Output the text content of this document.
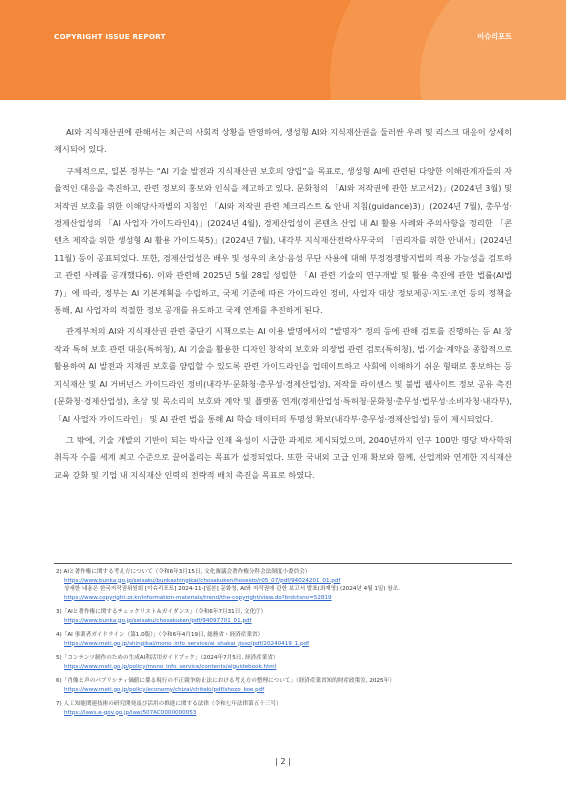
COPYRIGHT ISSUE REPORT	이슈리포트

AI와 지식재산권에 관해서는 최근의 사회적 상황을 반영하여, 생성형 AI와 지식재산권을 둘러싼 우려 및 리스크 대응이 상세히 제시되어 있다.

구체적으로, 일본 정부는 “AI 기술 발전과 지식재산권 보호의 양립”을 목표로, 생성형 AI에 관련된 다양한 이해관계자들의 자율적인 대응을 촉진하고, 관련 정보의 홍보와 인식을 제고하고 있다. 문화청의 「AI와 저작권에 관한 보고서2)」(2024년 3월) 및 저작권 보호를 위한 이해당사자별의 지침인 「AI와 저작권 관련 체크리스트 & 안내 지침(guidance)3)」(2024년 7월), 총무성·경제산업성의 「AI 사업자 가이드라인4)」(2024년 4월), 경제산업성이 콘텐츠 산업 내 AI 활용 사례와 주의사항을 정리한 「콘텐츠 제작을 위한 생성형 AI 활용 가이드북5)」(2024년 7월), 내각부 지식재산전략사무국의 「권리자를 위한 안내서」(2024년 11월) 등이 공표되었다. 또한, 경제산업성은 배우 및 성우의 초상·음성 무단 사용에 대해 부정경쟁방지법의 적용 가능성을 검토하고 관련 사례를 공개했다6). 이와 관련해 2025년 5월 28일 성립한 「AI 관련 기술의 연구개발 및 활용 촉진에 관한 법률(AI법7)」에 따라, 정부는 AI 기본계획을 수립하고, 국제 기준에 따른 가이드라인 정비, 사업자 대상 정보제공·지도·조언 등의 정책을 통해, AI 사업자의 적절한 정보 공개를 유도하고 국제 연계를 추진하게 된다.

관계부처의 AI와 지식재산권 관련 중단기 시책으로는 AI 이용 발명에서의 “발명자” 정의 등에 관해 검토를 진행하는 등 AI 창작과 특허 보호 관련 대응(특허청), AI 기술을 활용한 디자인 창작의 보호와 의장법 관련 검토(특허청), 법·기술·계약을 종합적으로 활용하여 AI 발전과 지재권 보호를 양립할 수 있도록 관련 가이드라인을 업데이트하고 사회에 이해하기 쉬운 형태로 홍보하는 등 지식재산 및 AI 거버넌스 가이드라인 정비(내각부·문화청·총무성·경제산업성), 저작물 라이센스 및 불법 웹사이트 정보 공유 촉진(문화청·경제산업성), 초상 및 목소리의 보호와 계약 및 플랫폼 연계(경제산업성·특허청·문화청·총무성·법무성·소비자청·내각부), 「AI 사업자 가이드라인」 및 AI 관련 법을 통해 AI 학습 데이터의 투명성 확보(내각부·총무성·경제산업성) 등이 제시되었다.

그 밖에, 기술 개발의 기반이 되는 박사급 인재 육성이 시급한 과제로 제시되었으며, 2040년까지 인구 100만 명당 박사학위 취득자 수를 세계 최고 수준으로 끌어올리는 목표가 설정되었다. 또한 국내외 고급 인재 확보와 함께, 산업계와 연계한 지식재산 교육 강화 및 기업 내 지식재산 인력의 전략적 배치 촉진을 목표로 하였다.

2) AIと著作権に関する考え方について（令和6年3月15日, 文化審議会著作権分科会法制度小委員会）

https://www.bunka.go.jp/seisaku/bunkashingikai/chosakuken/hoseido/r05_07/pdf/94024201_01.pdf

상세한 내용은 한국저작권위원회 [이슈리포트] 2024-11-[일본] 문화청, AI와 저작권에 관한 보고서 발표(최재영) (2024년 4월 1일) 참조.

https://www.copyright.or.kr/information-materials/trend/the-copyright/view.do?brdctsno=52819

3)「AIと著作権に関するチェックリスト＆ガイダンス」（令和6年7月31日, 文化庁）

https://www.bunka.go.jp/seisaku/chosakuken/pdf/94097701_01.pdf

4)「AI 事業者ガイドライン（第1.0版）」（令和6年4月19日, 総務省・経済産業省）

https://www.meti.go.jp/shingikai/mono_info_service/ai_shakai_jisso/pdf/20240419_1.pdf

5)「コンテンツ制作のための生成AI利活用ガイドブック」（2024年7月5日, 経済産業省）

https://www.meti.go.jp/policy/mono_info_service/contents/aiguidebook.html

6)「肖像と声のパブリシティ価値に係る現行の不正競争防止法における考え方の整理について」（経済産業省知的財産政策室, 2025年）

https://www.meti.go.jp/policy/economy/chizai/chiteki/pdf/shozo_koe.pdf

7) 人工知能関連技術の研究開発及び活用の推進に関する法律（令和七年法律第五十三号）

https://laws.e-gov.go.jp/law/507AC0000000053

| 2 |
